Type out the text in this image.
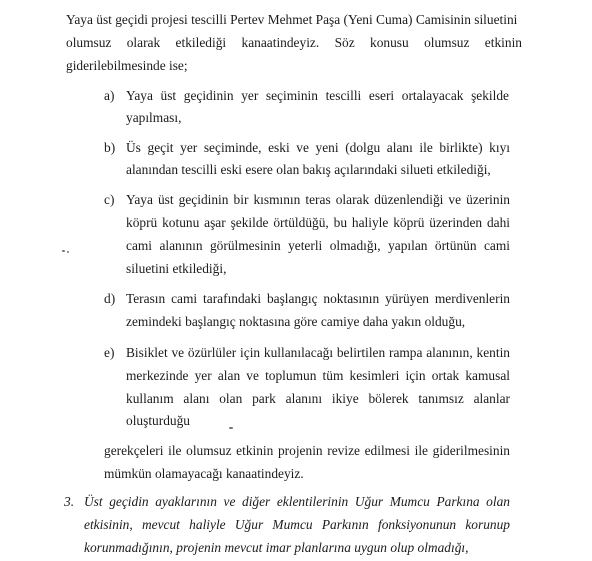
Yaya üst geçidi projesi tescilli Pertev Mehmet Paşa (Yeni Cuma) Camisinin siluetini
olumsuz olarak etkilediği kanaatindeyiz. Söz konusu olumsuz etkinin
giderilebilmesinde ise;
a) Yaya üst geçidinin yer seçiminin tescilli eseri ortalayacak şekilde
yapılması,
b) Üs geçit yer seçiminde, eski ve yeni (dolgu alanı ile birlikte) kıyı
alanından tescilli eski esere olan bakış açılarındaki silueti etkilediği,
c) Yaya üst geçidinin bir kısmının teras olarak düzenlendiği ve üzerinin
köprü kotunu aşar şekilde örtüldüğü, bu haliyle köprü üzerinden dahi
cami alanının görülmesinin yeterli olmadığı, yapılan örtünün cami
siluetini etkilediği,
d) Terasın cami tarafındaki başlangıç noktasının yürüyen merdivenlerin
zemindeki başlangıç noktasına göre camiye daha yakın olduğu,
e) Bisiklet ve özürlüler için kullanılacağı belirtilen rampa alanının, kentin
merkezinde yer alan ve toplumun tüm kesimleri için ortak kamusal
kullanım alanı olan park alanını ikiye bölerek tanımsız alanlar
oluşturduğu
gerekçeleri ile olumsuz etkinin projenin revize edilmesi ile giderilmesinin
mümkün olamayacağı kanaatindeyiz.
3. Üst geçidin ayaklarının ve diğer eklentilerinin Uğur Mumcu Parkına olan
etkisinin, mevcut haliyle Uğur Mumcu Parkının fonksiyonunun korunup
korunmadığının, projenin mevcut imar planlarına uygun olup olmadığı,
